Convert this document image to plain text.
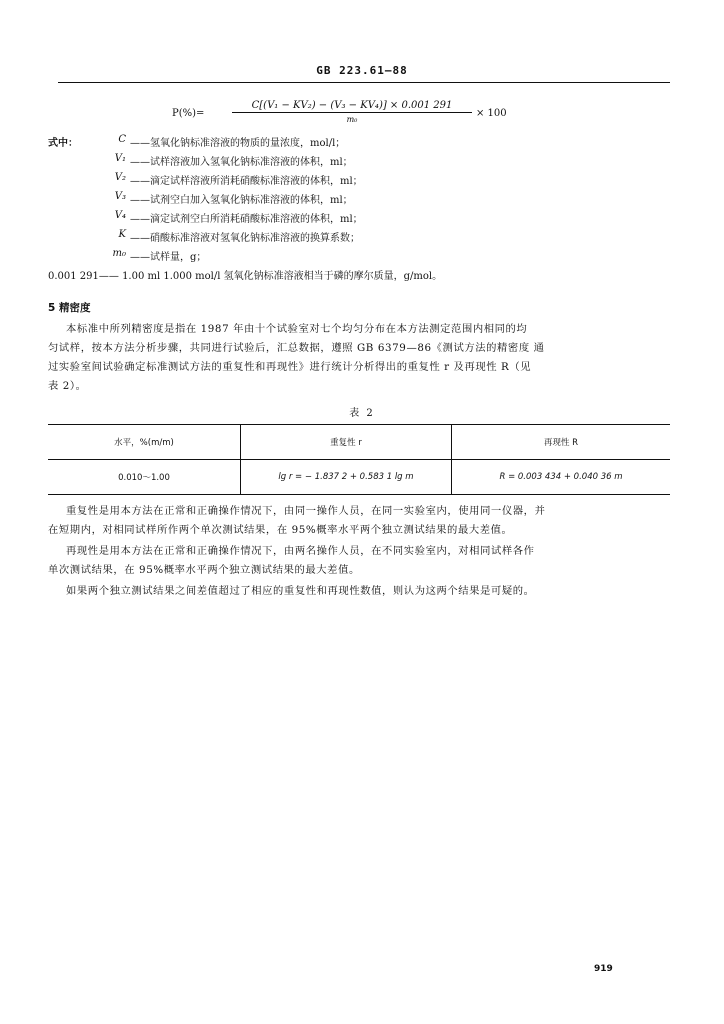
GB 223.61—88
P(%)=
C[(V₁ − KV₂) − (V₃ − KV₄)] × 0.001 291
m₀
× 100
式中：	C ——氢氧化钠标准溶液的物质的量浓度，mol/l；
V₁ ——试样溶液加入氢氧化钠标准溶液的体积，ml；
V₂ ——滴定试样溶液所消耗硝酸标准溶液的体积，ml；
V₃ ——试剂空白加入氢氧化钠标准溶液的体积，ml；
V₄ ——滴定试剂空白所消耗硝酸标准溶液的体积，ml；
K ——硝酸标准溶液对氢氧化钠标准溶液的换算系数；
m₀ ——试样量，g；
0.001 291—— 1.00 ml 1.000 mol/l 氢氧化钠标准溶液相当于磷的摩尔质量，g/mol。
5 精密度
本标准中所列精密度是指在 1987 年由十个试验室对七个均匀分布在本方法测定范围内相同的均
匀试样，按本方法分析步骤，共同进行试验后，汇总数据，遵照 GB 6379—86《测试方法的精密度 通
过实验室间试验确定标准测试方法的重复性和再现性》进行统计分析得出的重复性 r 及再现性 R（见
表 2）。
表 2
水平，%(m/m)	重复性 r	再现性 R
0.010～1.00	lg r = − 1.837 2 + 0.583 1 lg m	R = 0.003 434 + 0.040 36 m
重复性是用本方法在正常和正确操作情况下，由同一操作人员，在同一实验室内，使用同一仪器，并
在短期内，对相同试样所作两个单次测试结果，在 95%概率水平两个独立测试结果的最大差值。
再现性是用本方法在正常和正确操作情况下，由两名操作人员，在不同实验室内，对相同试样各作
单次测试结果，在 95%概率水平两个独立测试结果的最大差值。
如果两个独立测试结果之间差值超过了相应的重复性和再现性数值，则认为这两个结果是可疑的。
919
